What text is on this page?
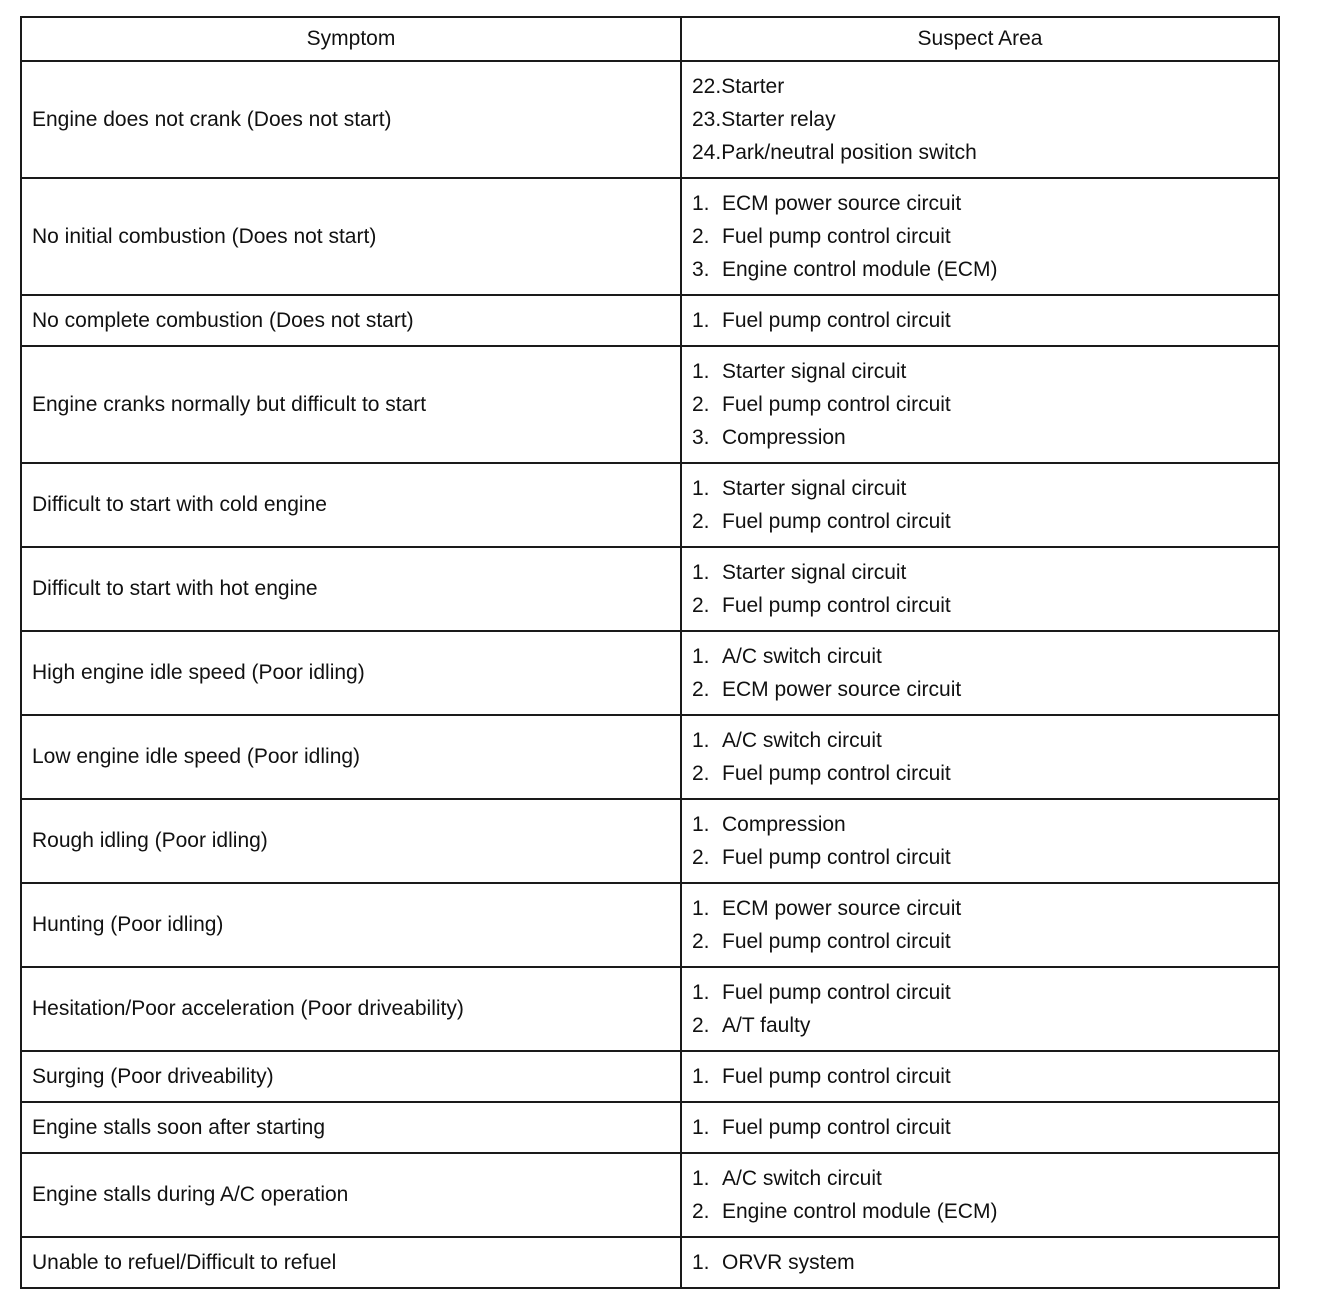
Symptom	Suspect Area
Engine does not crank (Does not start)	22.Starter
23.Starter relay
24.Park/neutral position switch

No initial combustion (Does not start)	1. ECM power source circuit
2. Fuel pump control circuit
3. Engine control module (ECM)

No complete combustion (Does not start)	1. Fuel pump control circuit

Engine cranks normally but difficult to start	1. Starter signal circuit
2. Fuel pump control circuit
3. Compression

Difficult to start with cold engine	1. Starter signal circuit
2. Fuel pump control circuit

Difficult to start with hot engine	1. Starter signal circuit
2. Fuel pump control circuit

High engine idle speed (Poor idling)	1. A/C switch circuit
2. ECM power source circuit

Low engine idle speed (Poor idling)	1. A/C switch circuit
2. Fuel pump control circuit

Rough idling (Poor idling)	1. Compression
2. Fuel pump control circuit

Hunting (Poor idling)	1. ECM power source circuit
2. Fuel pump control circuit

Hesitation/Poor acceleration (Poor driveability)	1. Fuel pump control circuit
2. A/T faulty

Surging (Poor driveability)	1. Fuel pump control circuit

Engine stalls soon after starting	1. Fuel pump control circuit

Engine stalls during A/C operation	1. A/C switch circuit
2. Engine control module (ECM)

Unable to refuel/Difficult to refuel	1. ORVR system
